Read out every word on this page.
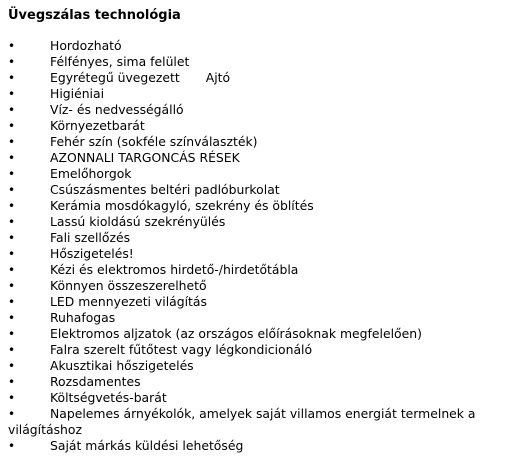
Üvegszálas technológia
•	Hordozható
•	Félfényes, sima felület
•	Egyrétegű üvegezett Ajtó
•	Higiéniai
•	Víz- és nedvességálló
•	Környezetbarát
•	Fehér szín (sokféle színválaszték)
•	AZONNALI TARGONCÁS RÉSEK
•	Emelőhorgok
•	Csúszásmentes beltéri padlóburkolat
•	Kerámia mosdókagyló, szekrény és öblítés
•	Lassú kioldású szekrényülés
•	Fali szellőzés
•	Hőszigetelés!
•	Kézi és elektromos hirdető-/hirdetőtábla
•	Könnyen összeszerelhető
•	LED mennyezeti világítás
•	Ruhafogas
•	Elektromos aljzatok (az országos előírásoknak megfelelően)
•	Falra szerelt fűtőtest vagy légkondicionáló
•	Akusztikai hőszigetelés
•	Rozsdamentes
•	Költségvetés-barát
•	Napelemes árnyékolók, amelyek saját villamos energiát termelnek a
világításhoz
•	Saját márkás küldési lehetőség
